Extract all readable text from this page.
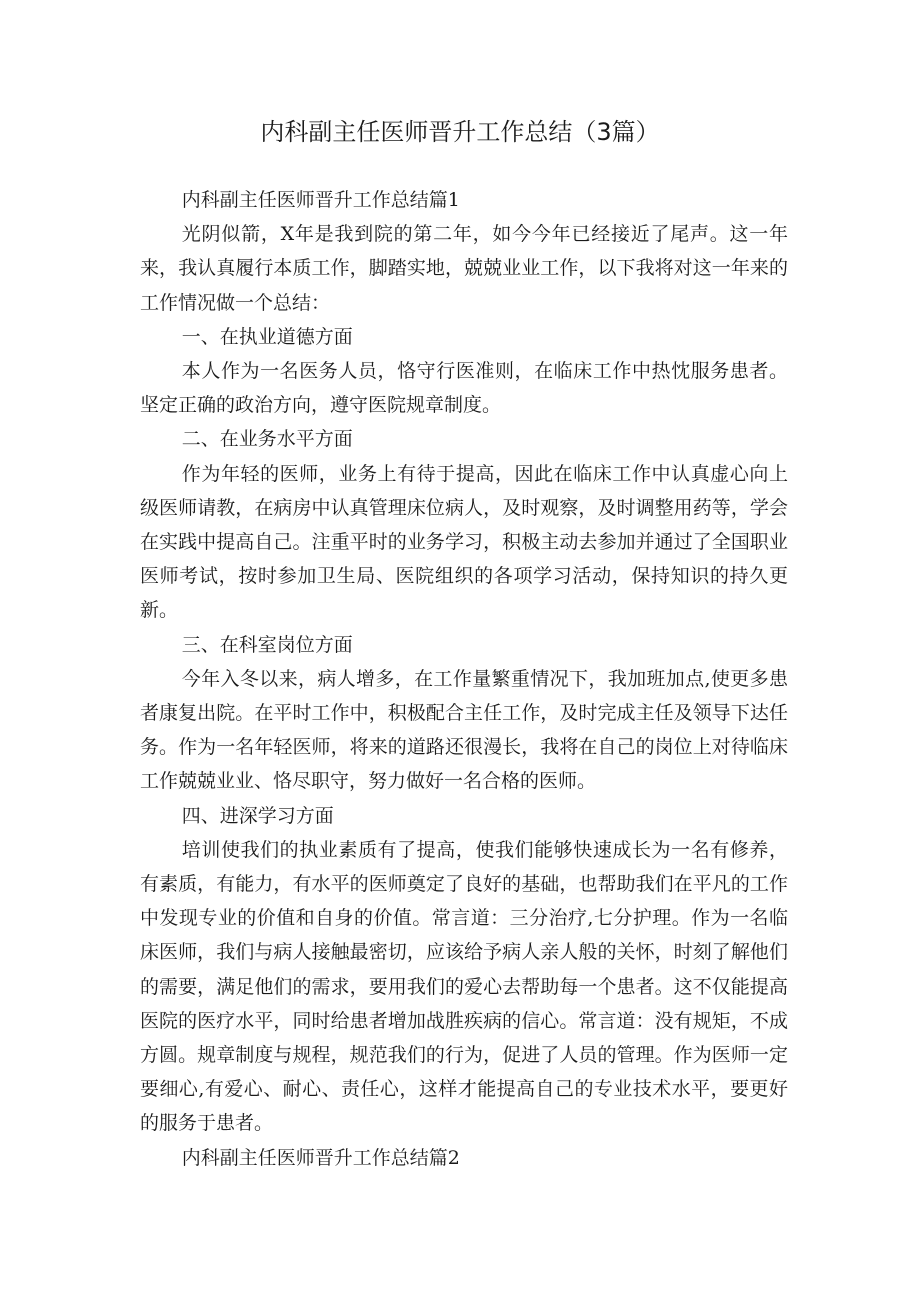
内科副主任医师晋升工作总结（3篇）

内科副主任医师晋升工作总结篇1

光阴似箭，X年是我到院的第二年，如今今年已经接近了尾声。这一年来，我认真履行本质工作，脚踏实地，兢兢业业工作，以下我将对这一年来的工作情况做一个总结：

一、在执业道德方面

本人作为一名医务人员，恪守行医准则，在临床工作中热忱服务患者。坚定正确的政治方向，遵守医院规章制度。

二、在业务水平方面

作为年轻的医师，业务上有待于提高，因此在临床工作中认真虚心向上级医师请教，在病房中认真管理床位病人，及时观察，及时调整用药等，学会在实践中提高自己。注重平时的业务学习，积极主动去参加并通过了全国职业医师考试，按时参加卫生局、医院组织的各项学习活动，保持知识的持久更新。

三、在科室岗位方面

今年入冬以来，病人增多，在工作量繁重情况下，我加班加点,使更多患者康复出院。在平时工作中，积极配合主任工作，及时完成主任及领导下达任务。作为一名年轻医师，将来的道路还很漫长，我将在自己的岗位上对待临床工作兢兢业业、恪尽职守，努力做好一名合格的医师。

四、进深学习方面

培训使我们的执业素质有了提高，使我们能够快速成长为一名有修养，有素质，有能力，有水平的医师奠定了良好的基础，也帮助我们在平凡的工作中发现专业的价值和自身的价值。常言道：三分治疗,七分护理。作为一名临床医师，我们与病人接触最密切，应该给予病人亲人般的关怀，时刻了解他们的需要，满足他们的需求，要用我们的爱心去帮助每一个患者。这不仅能提高医院的医疗水平，同时给患者增加战胜疾病的信心。常言道：没有规矩，不成方圆。规章制度与规程，规范我们的行为，促进了人员的管理。作为医师一定要细心,有爱心、耐心、责任心，这样才能提高自己的专业技术水平，要更好的服务于患者。

内科副主任医师晋升工作总结篇2
